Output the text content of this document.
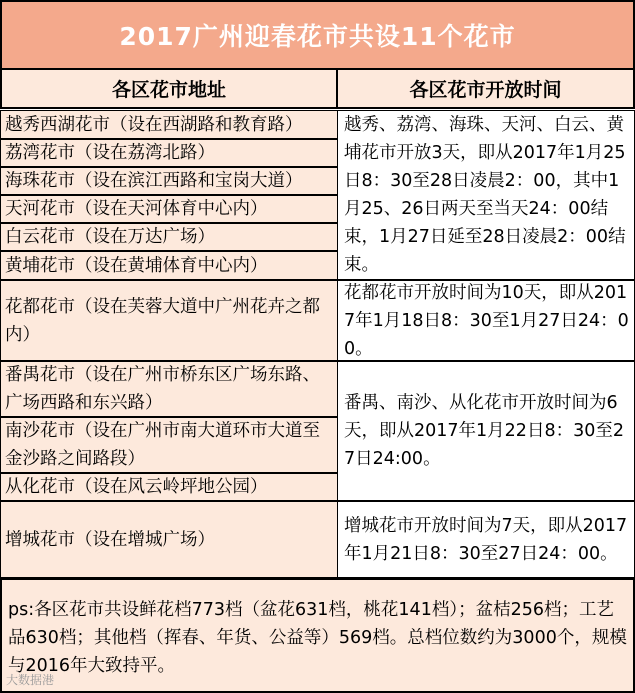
2017广州迎春花市共设11个花市
各区花市地址	各区花市开放时间
越秀西湖花市（设在西湖路和教育路）
荔湾花市（设在荔湾北路）
海珠花市（设在滨江西路和宝岗大道）
天河花市（设在天河体育中心内）
白云花市（设在万达广场）
黄埔花市（设在黄埔体育中心内）
花都花市（设在芙蓉大道中广州花卉之都内）
番禺花市（设在广州市桥东区广场东路、广场西路和东兴路）
南沙花市（设在广州市南大道环市大道至金沙路之间路段）
从化花市（设在风云岭坪地公园）
增城花市（设在增城广场）
越秀、荔湾、海珠、天河、白云、黄埔花市开放3天，即从2017年1月25日8：30至28日凌晨2：00，其中1月25、26日两天至当天24：00结束，1月27日延至28日凌晨2：00结束。
花都花市开放时间为10天，即从2017年1月18日8：30至1月27日24：00。
番禺、南沙、从化花市开放时间为6天，即从2017年1月22日8：30至27日24:00。
增城花市开放时间为7天，即从2017年1月21日8：30至27日24：00。
ps:各区花市共设鲜花档773档（盆花631档，桃花141档）；盆桔256档；工艺品630档；其他档（挥春、年货、公益等）569档。总档位数约为3000个，规模与2016年大致持平。
大数据港
